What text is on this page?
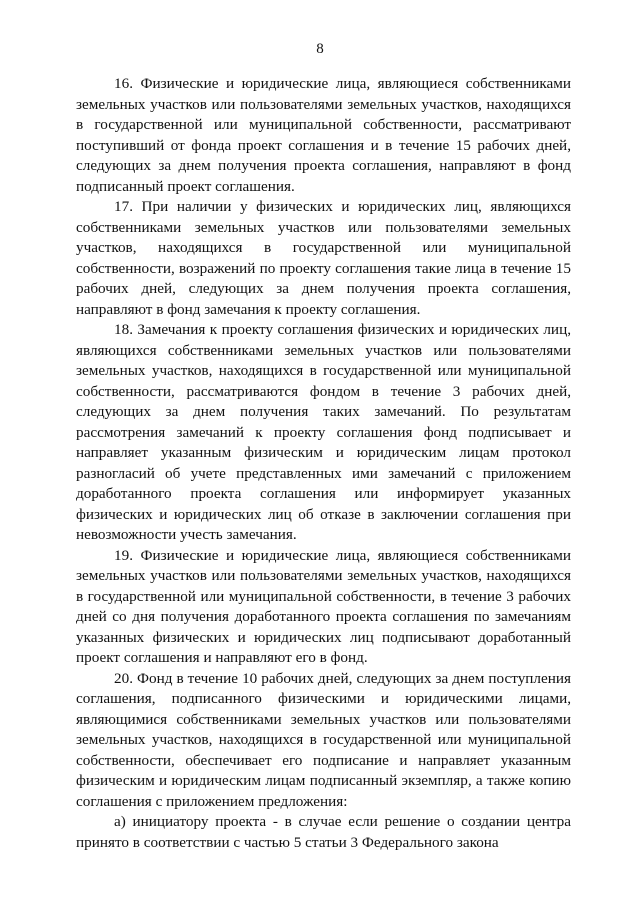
8

16. Физические и юридические лица, являющиеся собственниками земельных участков или пользователями земельных участков, находящихся в государственной или муниципальной собственности, рассматривают поступивший от фонда проект соглашения и в течение 15 рабочих дней, следующих за днем получения проекта соглашения, направляют в фонд подписанный проект соглашения.

17. При наличии у физических и юридических лиц, являющихся собственниками земельных участков или пользователями земельных участков, находящихся в государственной или муниципальной собственности, возражений по проекту соглашения такие лица в течение 15 рабочих дней, следующих за днем получения проекта соглашения, направляют в фонд замечания к проекту соглашения.

18. Замечания к проекту соглашения физических и юридических лиц, являющихся собственниками земельных участков или пользователями земельных участков, находящихся в государственной или муниципальной собственности, рассматриваются фондом в течение 3 рабочих дней, следующих за днем получения таких замечаний. По результатам рассмотрения замечаний к проекту соглашения фонд подписывает и направляет указанным физическим и юридическим лицам протокол разногласий об учете представленных ими замечаний с приложением доработанного проекта соглашения или информирует указанных физических и юридических лиц об отказе в заключении соглашения при невозможности учесть замечания.

19. Физические и юридические лица, являющиеся собственниками земельных участков или пользователями земельных участков, находящихся в государственной или муниципальной собственности, в течение 3 рабочих дней со дня получения доработанного проекта соглашения по замечаниям указанных физических и юридических лиц подписывают доработанный проект соглашения и направляют его в фонд.

20. Фонд в течение 10 рабочих дней, следующих за днем поступления соглашения, подписанного физическими и юридическими лицами, являющимися собственниками земельных участков или пользователями земельных участков, находящихся в государственной или муниципальной собственности, обеспечивает его подписание и направляет указанным физическим и юридическим лицам подписанный экземпляр, а также копию соглашения с приложением предложения:

а) инициатору проекта - в случае если решение о создании центра принято в соответствии с частью 5 статьи 3 Федерального закона
